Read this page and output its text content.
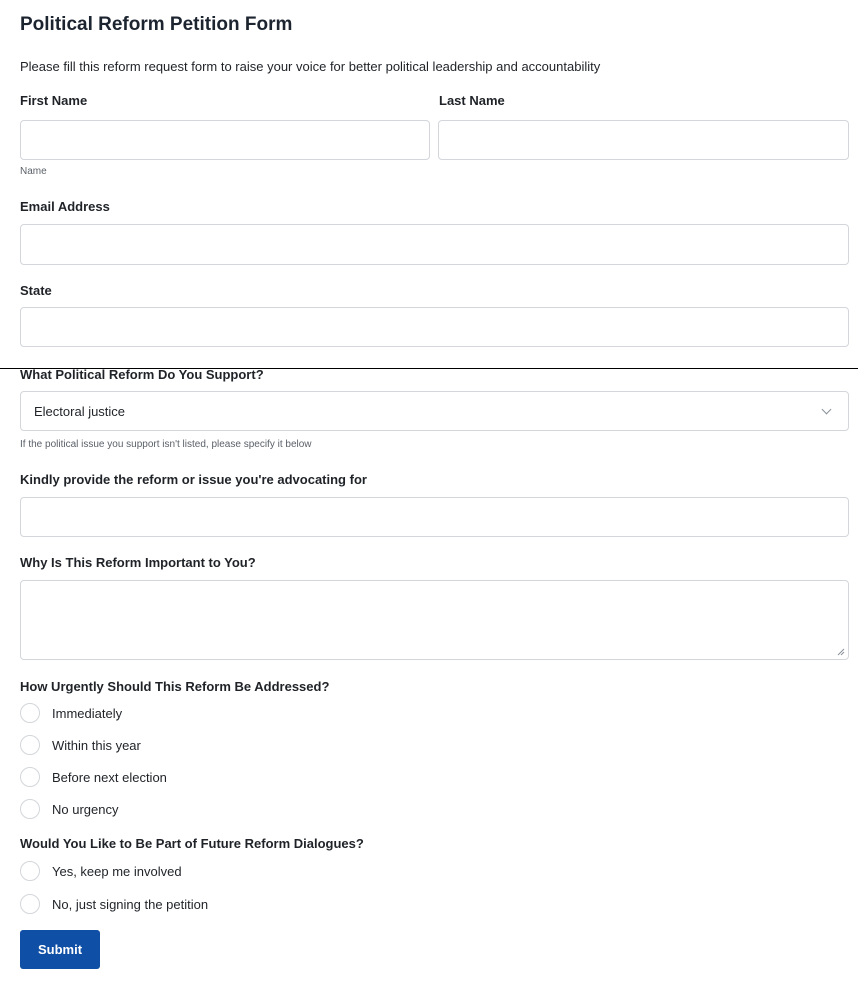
Political Reform Petition Form
Please fill this reform request form to raise your voice for better political leadership and accountability
First Name	Last Name
Name
Email Address
State
What Political Reform Do You Support?
Electoral justice
If the political issue you support isn't listed, please specify it below
Kindly provide the reform or issue you're advocating for
Why Is This Reform Important to You?
How Urgently Should This Reform Be Addressed?
Immediately
Within this year
Before next election
No urgency
Would You Like to Be Part of Future Reform Dialogues?
Yes, keep me involved
No, just signing the petition
Submit
